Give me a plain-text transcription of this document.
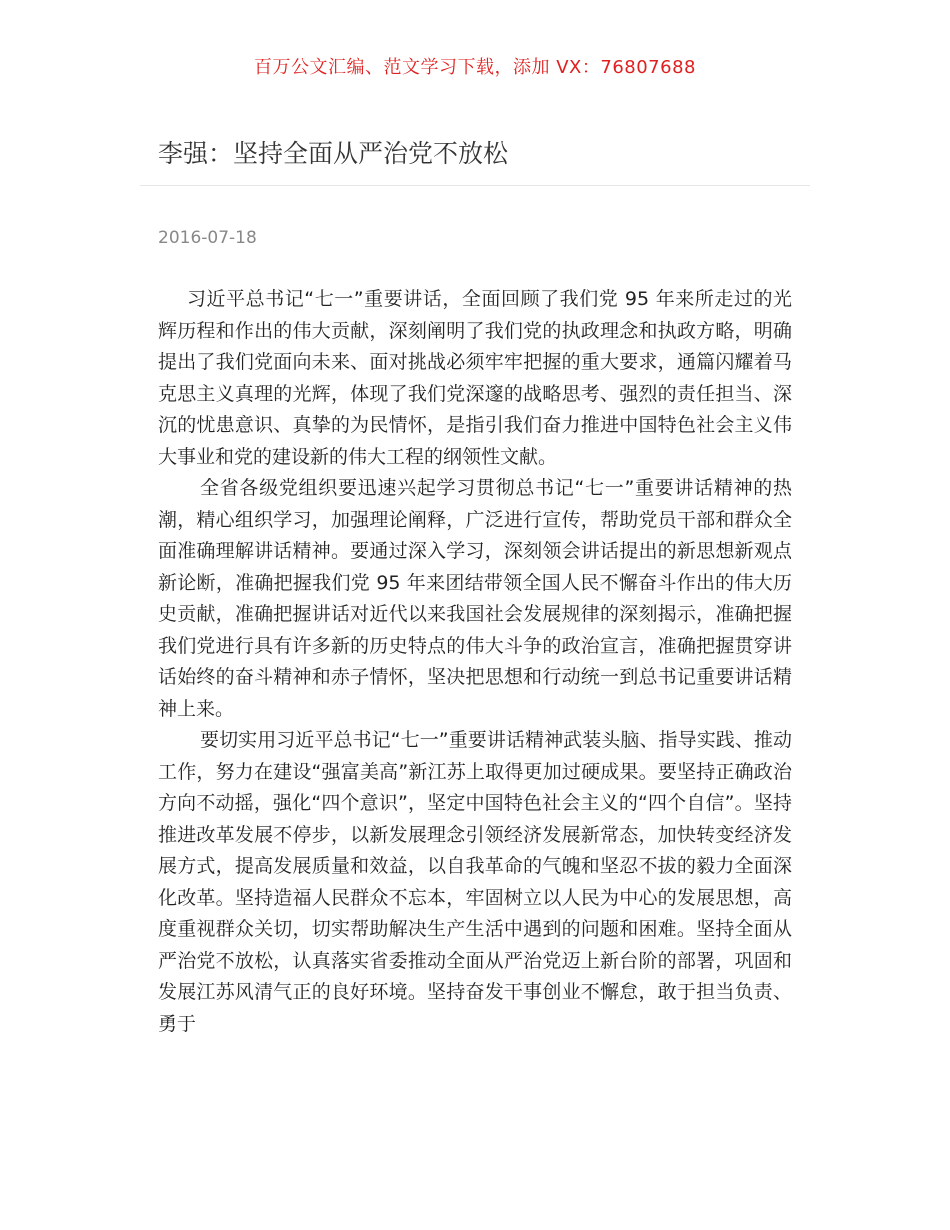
百万公文汇编、范文学习下载，添加 VX：76807688
李强：坚持全面从严治党不放松
2016-07-18

习近平总书记“七一”重要讲话，全面回顾了我们党 95 年来所走过的光辉历程和作出的伟大贡献，深刻阐明了我们党的执政理念和执政方略，明确提出了我们党面向未来、面对挑战必须牢牢把握的重大要求，通篇闪耀着马克思主义真理的光辉，体现了我们党深邃的战略思考、强烈的责任担当、深沉的忧患意识、真挚的为民情怀，是指引我们奋力推进中国特色社会主义伟大事业和党的建设新的伟大工程的纲领性文献。

全省各级党组织要迅速兴起学习贯彻总书记“七一”重要讲话精神的热潮，精心组织学习，加强理论阐释，广泛进行宣传，帮助党员干部和群众全面准确理解讲话精神。要通过深入学习，深刻领会讲话提出的新思想新观点新论断，准确把握我们党 95 年来团结带领全国人民不懈奋斗作出的伟大历史贡献，准确把握讲话对近代以来我国社会发展规律的深刻揭示，准确把握我们党进行具有许多新的历史特点的伟大斗争的政治宣言，准确把握贯穿讲话始终的奋斗精神和赤子情怀，坚决把思想和行动统一到总书记重要讲话精神上来。

要切实用习近平总书记“七一”重要讲话精神武装头脑、指导实践、推动工作，努力在建设“强富美高”新江苏上取得更加过硬成果。要坚持正确政治方向不动摇，强化“四个意识”，坚定中国特色社会主义的“四个自信”。坚持推进改革发展不停步，以新发展理念引领经济发展新常态，加快转变经济发展方式，提高发展质量和效益，以自我革命的气魄和坚忍不拔的毅力全面深化改革。坚持造福人民群众不忘本，牢固树立以人民为中心的发展思想，高度重视群众关切，切实帮助解决生产生活中遇到的问题和困难。坚持全面从严治党不放松，认真落实省委推动全面从严治党迈上新台阶的部署，巩固和发展江苏风清气正的良好环境。坚持奋发干事创业不懈怠，敢于担当负责、勇于
